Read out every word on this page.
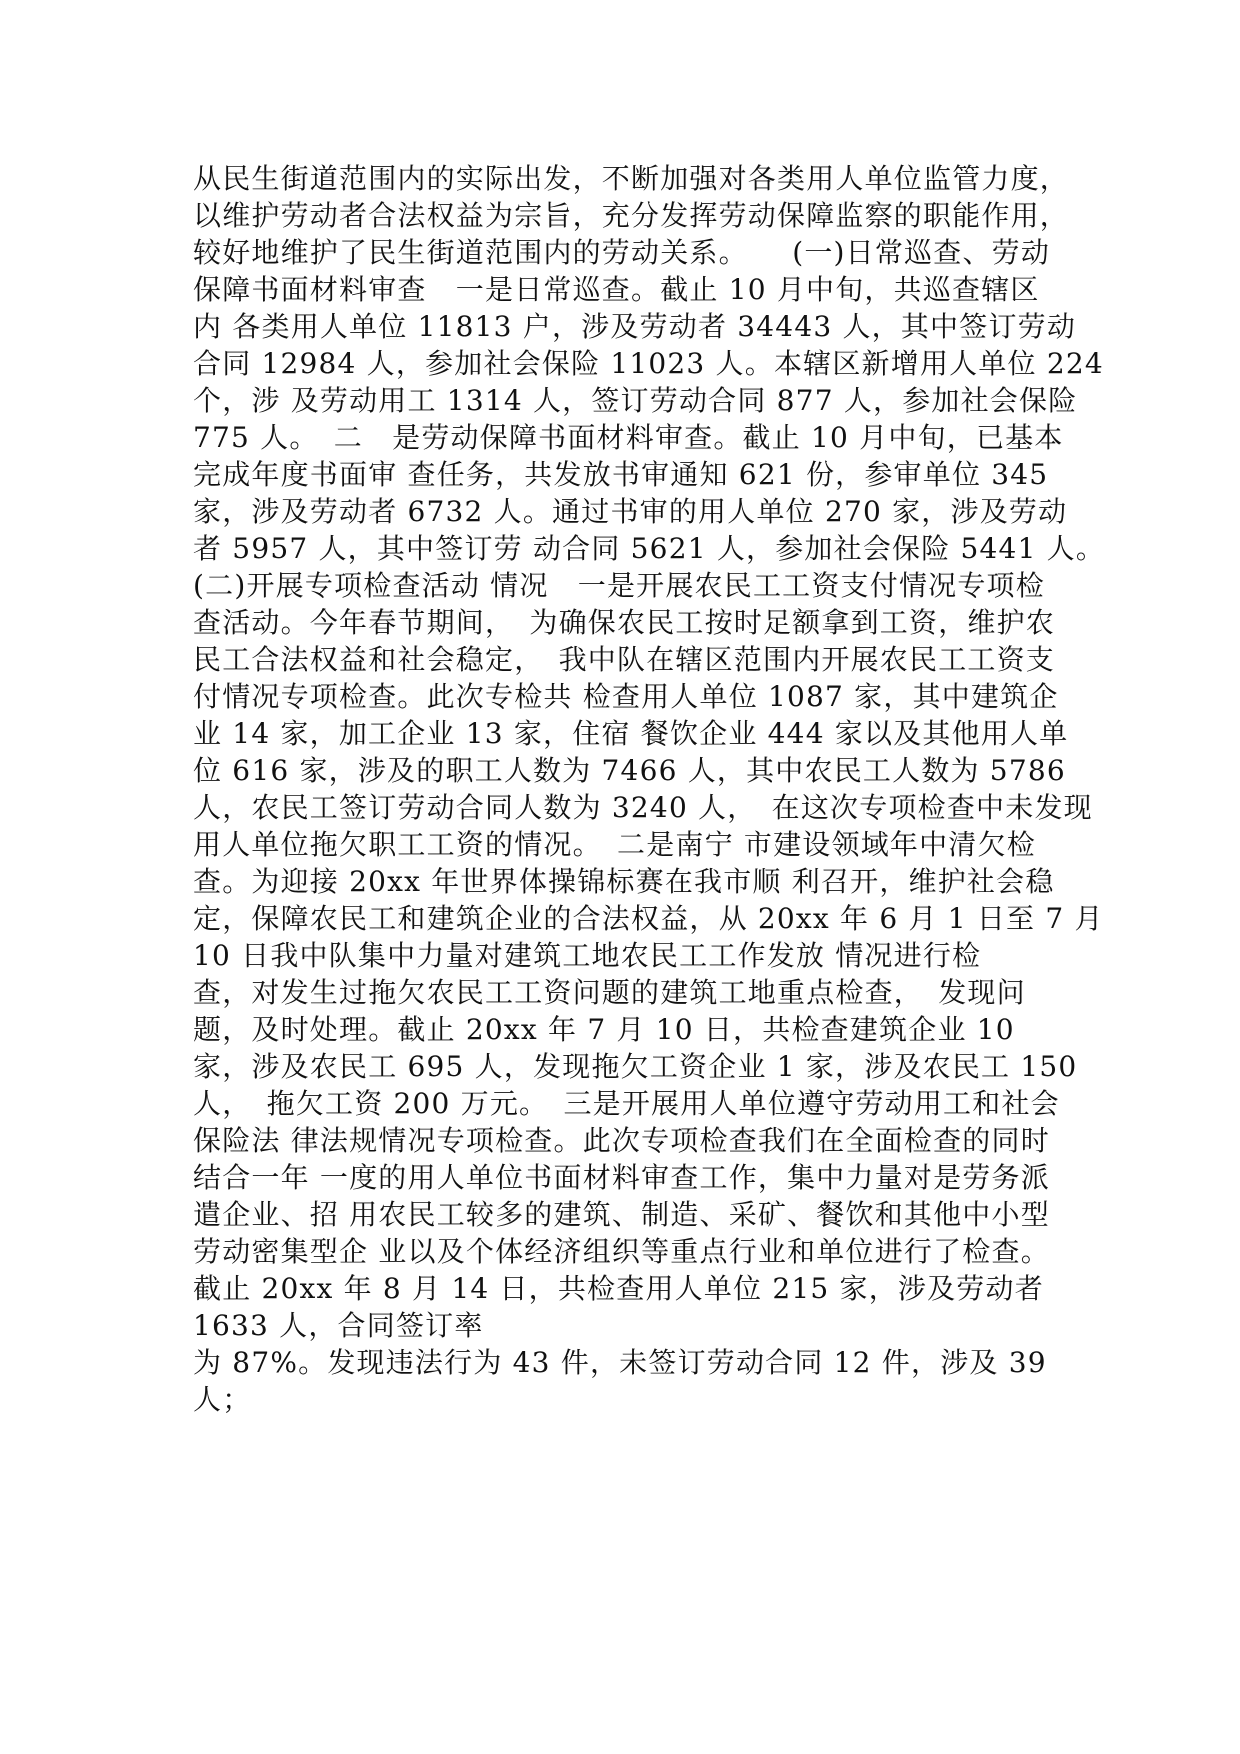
从民生街道范围内的实际出发，不断加强对各类用人单位监管力度，
以维护劳动者合法权益为宗旨，充分发挥劳动保障监察的职能作用，
较好地维护了民生街道范围内的劳动关系。　　(一)日常巡查、劳动
保障书面材料审查　一是日常巡查。截止 10 月中旬，共巡查辖区
内 各类用人单位 11813 户，涉及劳动者 34443 人，其中签订劳动
合同 12984 人，参加社会保险 11023 人。本辖区新增用人单位 224
个，涉 及劳动用工 1314 人，签订劳动合同 877 人，参加社会保险
775 人。　二　是劳动保障书面材料审查。截止 10 月中旬，已基本
完成年度书面审 查任务，共发放书审通知 621 份，参审单位 345
家，涉及劳动者 6732 人。通过书审的用人单位 270 家，涉及劳动
者 5957 人，其中签订劳 动合同 5621 人，参加社会保险 5441 人。
(二)开展专项检查活动 情况　一是开展农民工工资支付情况专项检
查活动。今年春节期间，　为确保农民工按时足额拿到工资，维护农
民工合法权益和社会稳定，　我中队在辖区范围内开展农民工工资支
付情况专项检查。此次专检共 检查用人单位 1087 家，其中建筑企
业 14 家，加工企业 13 家，住宿 餐饮企业 444 家以及其他用人单
位 616 家，涉及的职工人数为 7466 人，其中农民工人数为 5786
人，农民工签订劳动合同人数为 3240 人，　在这次专项检查中未发现
用人单位拖欠职工工资的情况。　二是南宁 市建设领域年中清欠检
查。为迎接 20xx 年世界体操锦标赛在我市顺 利召开，维护社会稳
定，保障农民工和建筑企业的合法权益，从 20xx 年 6 月 1 日至 7 月
10 日我中队集中力量对建筑工地农民工工作发放 情况进行检
查，对发生过拖欠农民工工资问题的建筑工地重点检查，　发现问
题，及时处理。截止 20xx 年 7 月 10 日，共检查建筑企业 10
家，涉及农民工 695 人，发现拖欠工资企业 1 家，涉及农民工 150
人，　拖欠工资 200 万元。　三是开展用人单位遵守劳动用工和社会
保险法 律法规情况专项检查。此次专项检查我们在全面检查的同时
结合一年 一度的用人单位书面材料审查工作，集中力量对是劳务派
遣企业、招 用农民工较多的建筑、制造、采矿、餐饮和其他中小型
劳动密集型企 业以及个体经济组织等重点行业和单位进行了检查。
截止 20xx 年 8 月 14 日，共检查用人单位 215 家，涉及劳动者
1633 人，合同签订率
为 87%。发现违法行为 43 件，未签订劳动合同 12 件，涉及 39
人；
